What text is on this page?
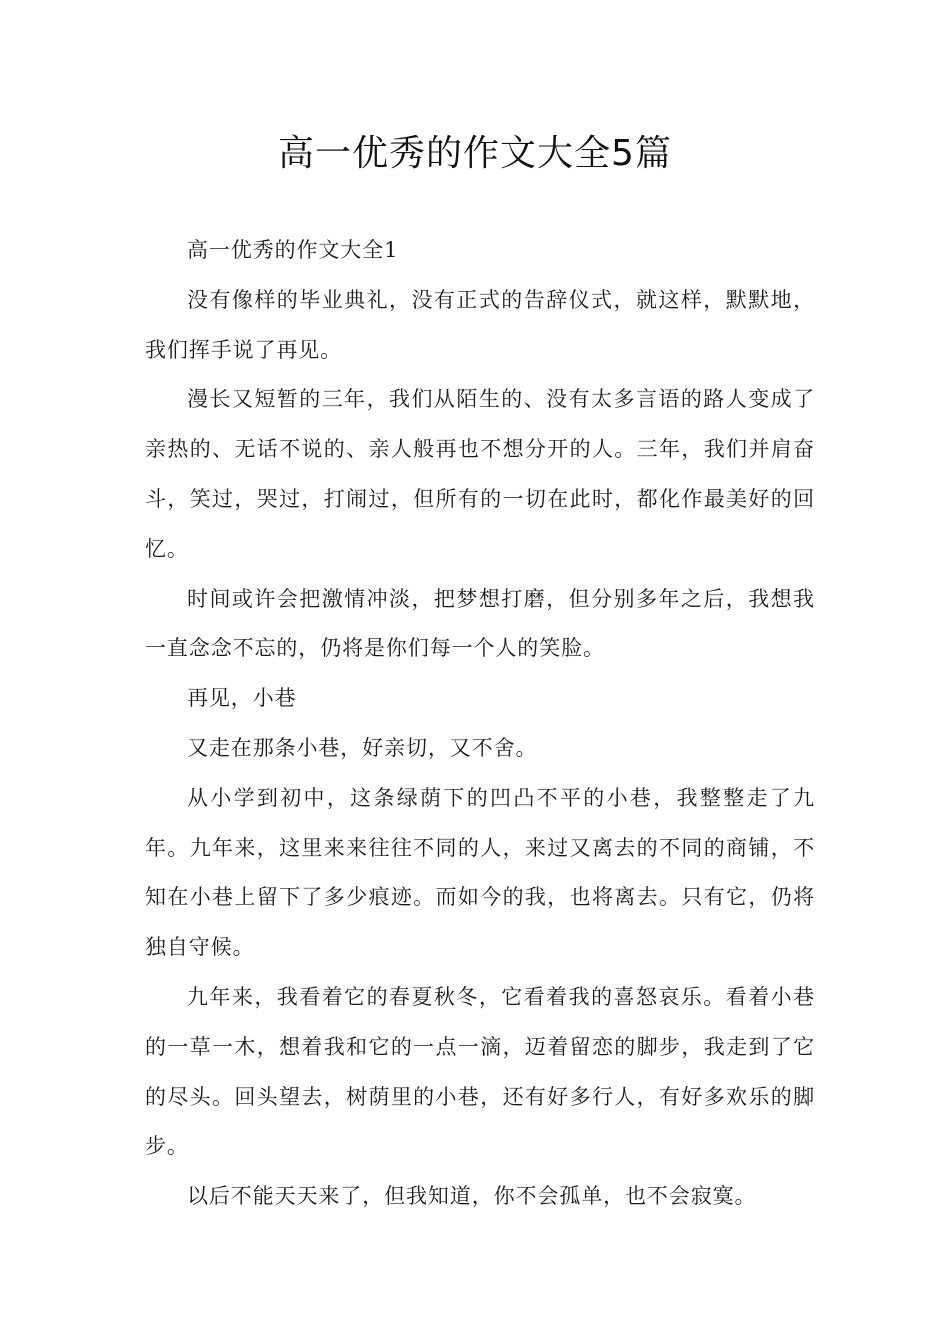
高一优秀的作文大全5篇

高一优秀的作文大全1

没有像样的毕业典礼，没有正式的告辞仪式，就这样，默默地，我们挥手说了再见。

漫长又短暂的三年，我们从陌生的、没有太多言语的路人变成了亲热的、无话不说的、亲人般再也不想分开的人。三年，我们并肩奋斗，笑过，哭过，打闹过，但所有的一切在此时，都化作最美好的回忆。

时间或许会把激情冲淡，把梦想打磨，但分别多年之后，我想我一直念念不忘的，仍将是你们每一个人的笑脸。

再见，小巷

又走在那条小巷，好亲切，又不舍。

从小学到初中，这条绿荫下的凹凸不平的小巷，我整整走了九年。九年来，这里来来往往不同的人，来过又离去的不同的商铺，不知在小巷上留下了多少痕迹。而如今的我，也将离去。只有它，仍将独自守候。

九年来，我看着它的春夏秋冬，它看着我的喜怒哀乐。看着小巷的一草一木，想着我和它的一点一滴，迈着留恋的脚步，我走到了它的尽头。回头望去，树荫里的小巷，还有好多行人，有好多欢乐的脚步。

以后不能天天来了，但我知道，你不会孤单，也不会寂寞。
